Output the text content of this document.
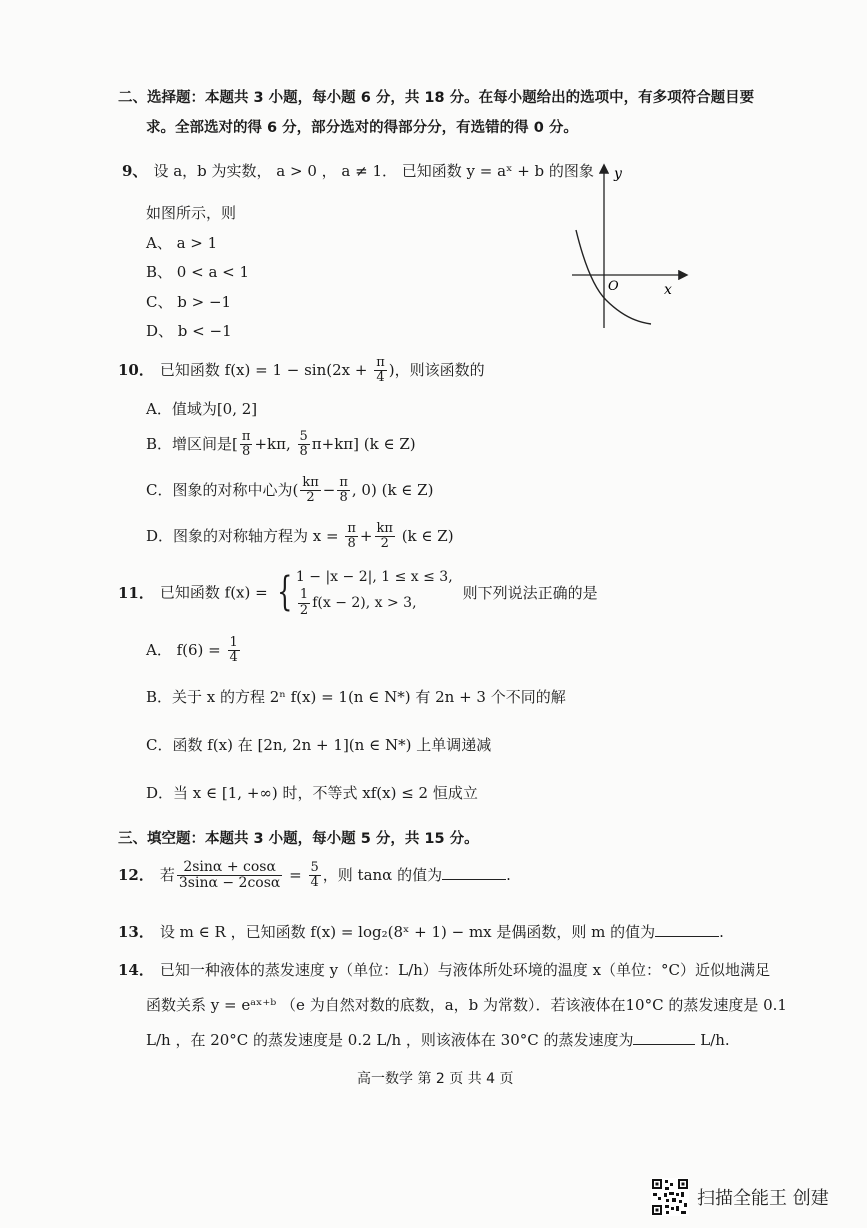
二、选择题：本题共 3 小题，每小题 6 分，共 18 分。在每小题给出的选项中，有多项符合题目要
求。全部选对的得 6 分，部分选对的得部分分，有选错的得 0 分。
9、 设 a，b 为实数， a > 0 ， a ≠ 1． 已知函数 y = aˣ + b 的图象
如图所示，则
A、 a > 1
B、 0 < a < 1
C、 b > −1
D、 b < −1
y
x
O
10． 已知函数 $f(x) = 1 - \sin(2x + \frac{\pi}{4}$ )，则该函数的
A．值域为[0, 2]
B．增区间是[ $\frac{\pi}{8} +k\pi$, $\frac{5}{8} \pi+k\pi$] (k ∈ Z)
C．图象的对称中心为( $\frac{k\pi}{2} - \frac{\pi}{8}$ , 0) (k ∈ Z)
D．图象的对称轴方程为 $x = \frac{\pi}{8} + \frac{k\pi}{2} (k$ ∈ Z)
11． 已知函数 f(x) = { 1 − |x − 2|, 1 ≤ x ≤ 3,
$\frac{1}{2} f(x - 2)$, x > 3,
则下列说法正确的是
A． $f(6) = \frac{1}{4}$
B．关于 x 的方程 2ⁿ f(x) = 1(n ∈ N*) 有 2n + 3 个不同的解
C．函数 f(x) 在 [2n, 2n + 1](n ∈ N*) 上单调递减
D．当 x ∈ [1, +∞) 时，不等式 xf(x) ≤ 2 恒成立
三、填空题：本题共 3 小题，每小题 5 分，共 15 分。
12． 若 $\frac{2\sin\alpha + \cos\alpha}{3\sin\alpha - 2\cos\alpha} = \frac{5}{4}$ ，则 tanα 的值为	.
13． 设 m ∈ R ，已知函数 f(x) = log₂(8ˣ + 1) − mx 是偶函数，则 m 的值为	.
14． 已知一种液体的蒸发速度 y（单位：L/h）与液体所处环境的温度 x（单位：°C）近似地满足
函数关系 y = eᵃˣ⁺ᵇ （e 为自然对数的底数，a，b 为常数）．若该液体在10°C 的蒸发速度是 0.1
L/h ，在 20°C 的蒸发速度是 0.2 L/h ，则该液体在 30°C 的蒸发速度为	L/h.
高一数学 第 2 页 共 4 页
扫描全能王 创建
